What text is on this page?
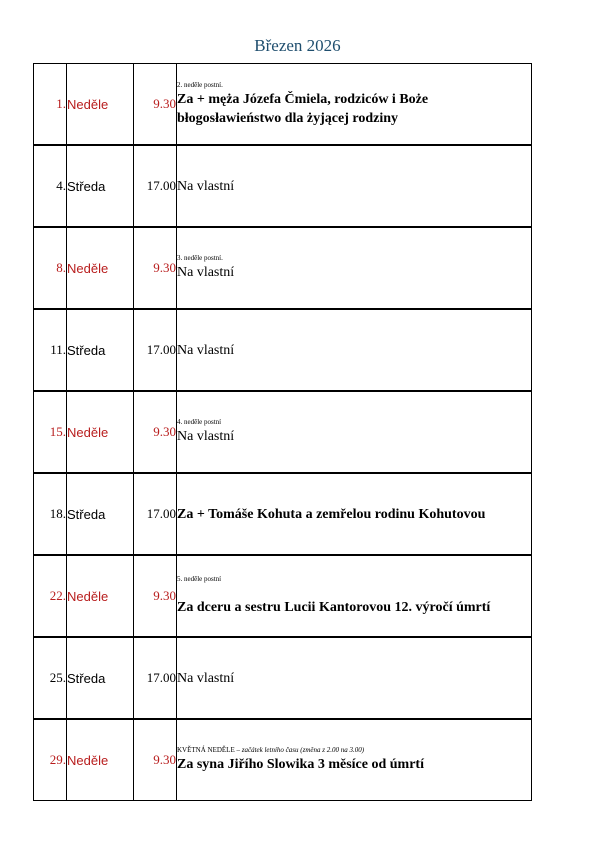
Březen 2026
1.	Neděle	9.30	2. neděle postní.
Za + męża Józefa Čmiela, rodziców i Boże błogosławieństwo dla żyjącej rodziny

4.	Středa	17.00	Na vlastní

8.	Neděle	9.30	3. neděle postní.
Na vlastní

11.	Středa	17.00	Na vlastní

15.	Neděle	9.30	4. neděle postní
Na vlastní

18.	Středa	17.00	Za + Tomáše Kohuta a zemřelou rodinu Kohutovou

22.	Neděle	9.30	5. neděle postní
Za dceru a sestru Lucii Kantorovou 12. výročí úmrtí

25.	Středa	17.00	Na vlastní

29.	Neděle	9.30	KVĚTNÁ NEDĚLE – začátek letního času (změna z 2.00 na 3.00)
Za syna Jiřího Slowika 3 měsíce od úmrtí
